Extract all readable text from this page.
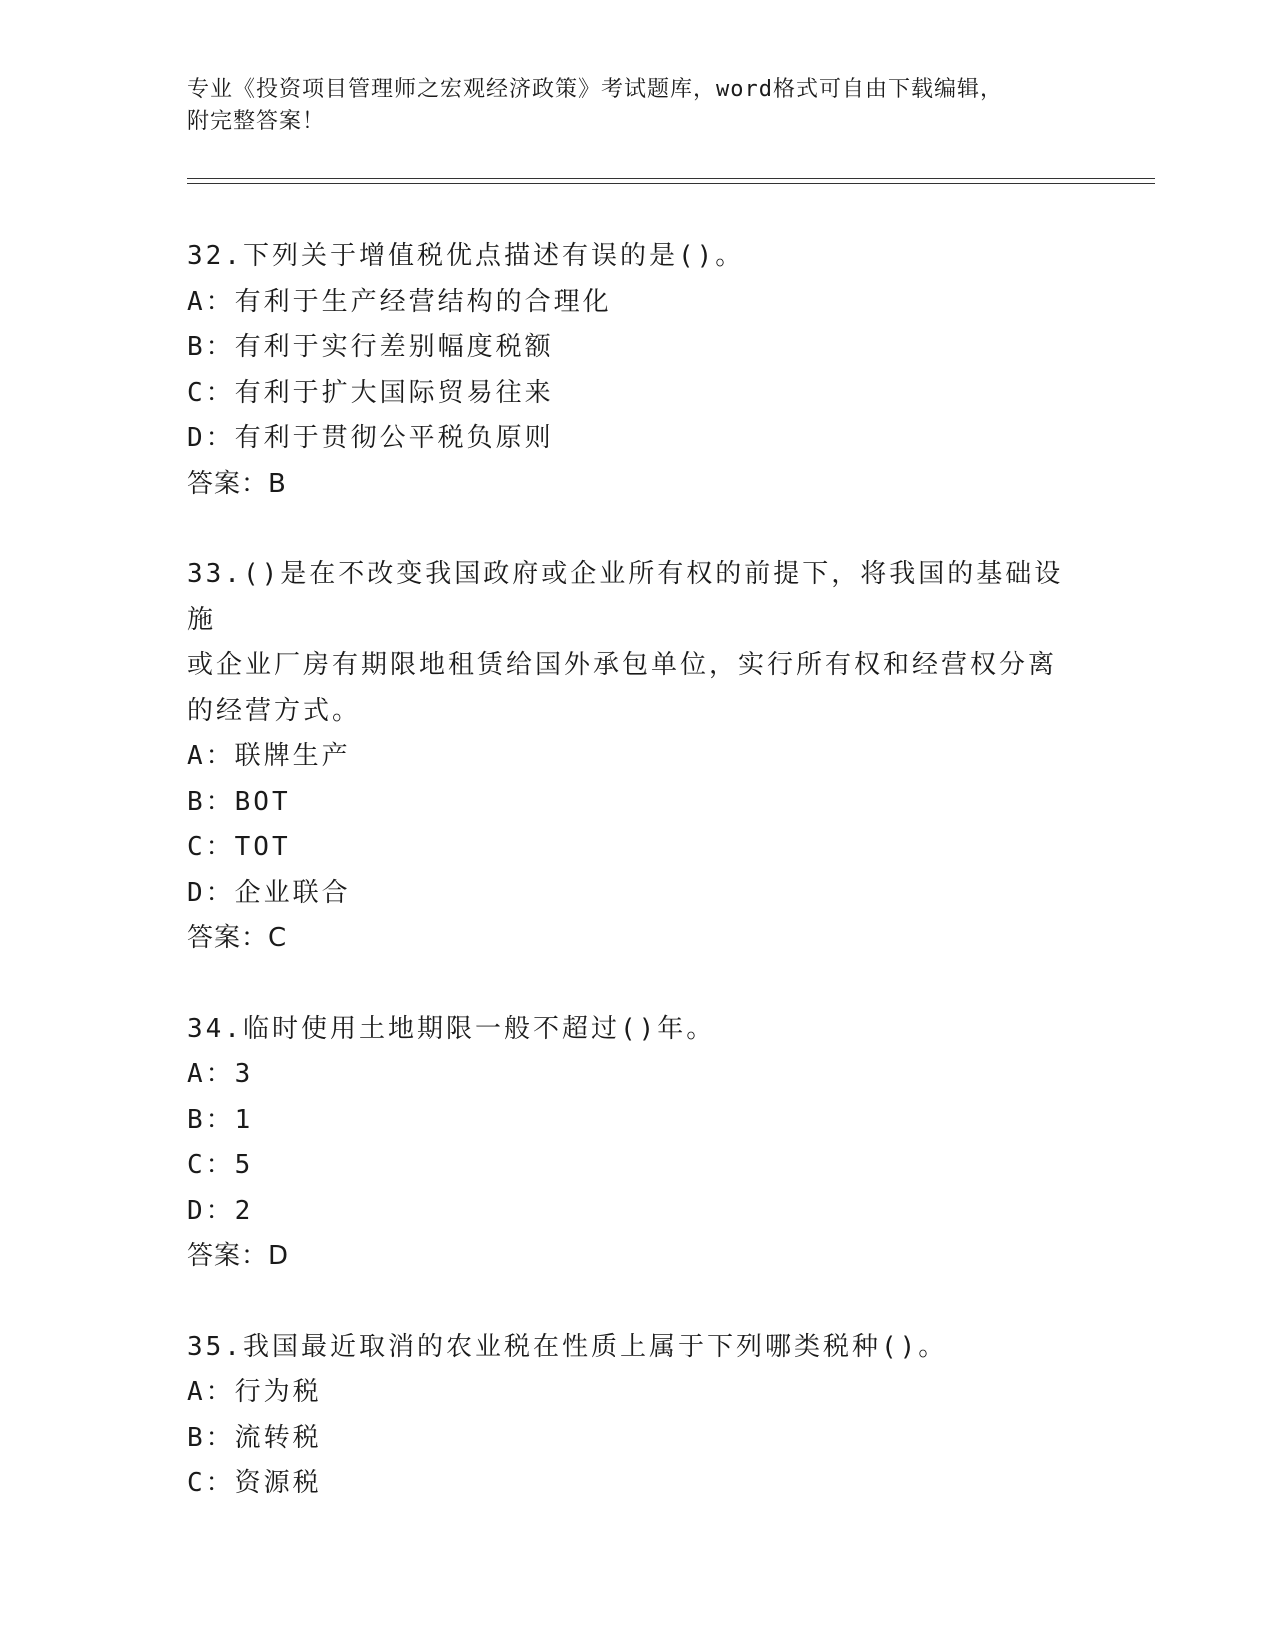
专业《投资项目管理师之宏观经济政策》考试题库，word格式可自由下载编辑，
附完整答案！

32.下列关于增值税优点描述有误的是()。

A：有利于生产经营结构的合理化

B：有利于实行差别幅度税额

C：有利于扩大国际贸易往来

D：有利于贯彻公平税负原则

答案：B

33.()是在不改变我国政府或企业所有权的前提下，将我国的基础设施

或企业厂房有期限地租赁给国外承包单位，实行所有权和经营权分离

的经营方式。

A：联牌生产

B：BOT

C：TOT

D：企业联合

答案：C

34.临时使用土地期限一般不超过()年。

A：3

B：1

C：5

D：2

答案：D

35.我国最近取消的农业税在性质上属于下列哪类税种()。

A：行为税

B：流转税

C：资源税
